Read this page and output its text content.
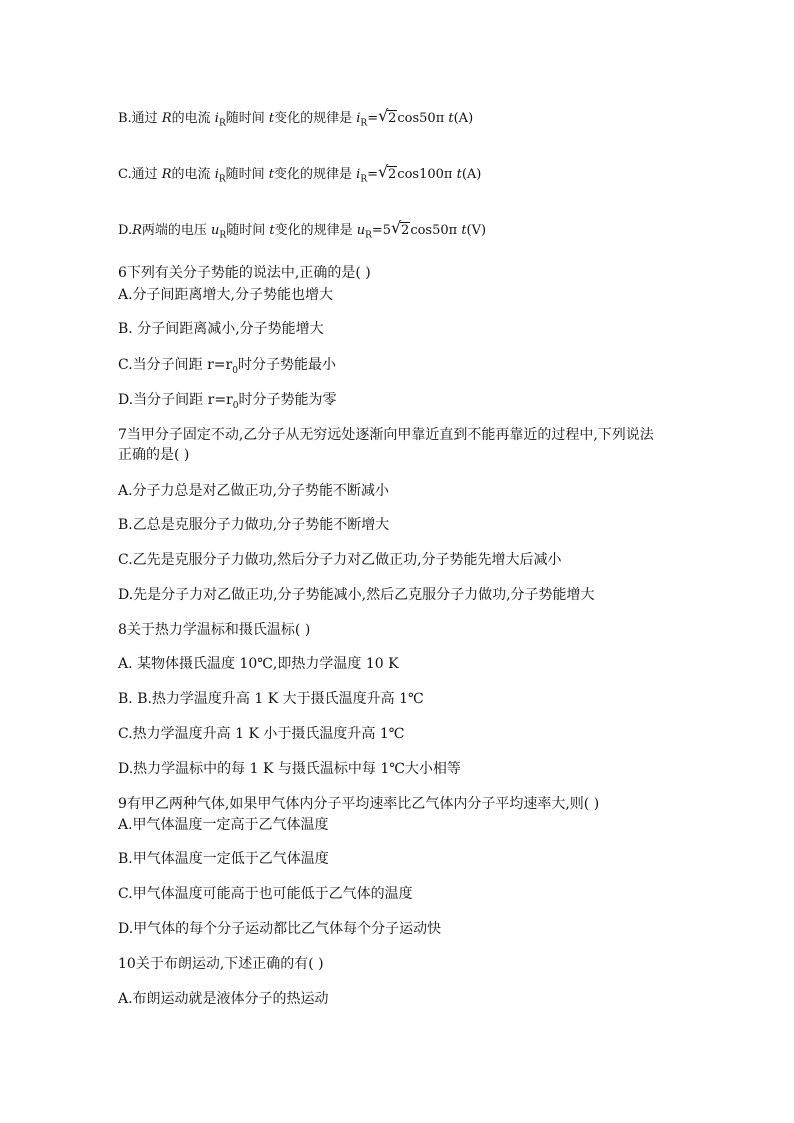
B.通过 R的电流 $i_R$随时间 t变化的规律是 $i_R=$ √ 2cos50π t(A)
C.通过 R的电流 $i_R$随时间 t变化的规律是 $i_R=$ √ 2cos100π t(A)
D.R两端的电压 $u_R$随时间 t变化的规律是 $u_R=5$ √ 2cos50π t(V)
6下列有关分子势能的说法中,正确的是( )
A.分子间距离增大,分子势能也增大
B. 分子间距离减小,分子势能增大
C.当分子间距 $r=r_0$时分子势能最小
D.当分子间距 $r=r_0$时分子势能为零
7当甲分子固定不动,乙分子从无穷远处逐渐向甲靠近直到不能再靠近的过程中,下列说法
正确的是( )
A.分子力总是对乙做正功,分子势能不断减小
B.乙总是克服分子力做功,分子势能不断增大
C.乙先是克服分子力做功,然后分子力对乙做正功,分子势能先增大后减小
D.先是分子力对乙做正功,分子势能减小,然后乙克服分子力做功,分子势能增大
8关于热力学温标和摄氏温标( )
A. 某物体摄氏温度 10℃,即热力学温度 10 K
B. B.热力学温度升高 1 K 大于摄氏温度升高 1℃
C.热力学温度升高 1 K 小于摄氏温度升高 1℃
D.热力学温标中的每 1 K 与摄氏温标中每 1℃大小相等
9有甲乙两种气体,如果甲气体内分子平均速率比乙气体内分子平均速率大,则( )
A.甲气体温度一定高于乙气体温度
B.甲气体温度一定低于乙气体温度
C.甲气体温度可能高于也可能低于乙气体的温度
D.甲气体的每个分子运动都比乙气体每个分子运动快
10关于布朗运动,下述正确的有( )
A.布朗运动就是液体分子的热运动
